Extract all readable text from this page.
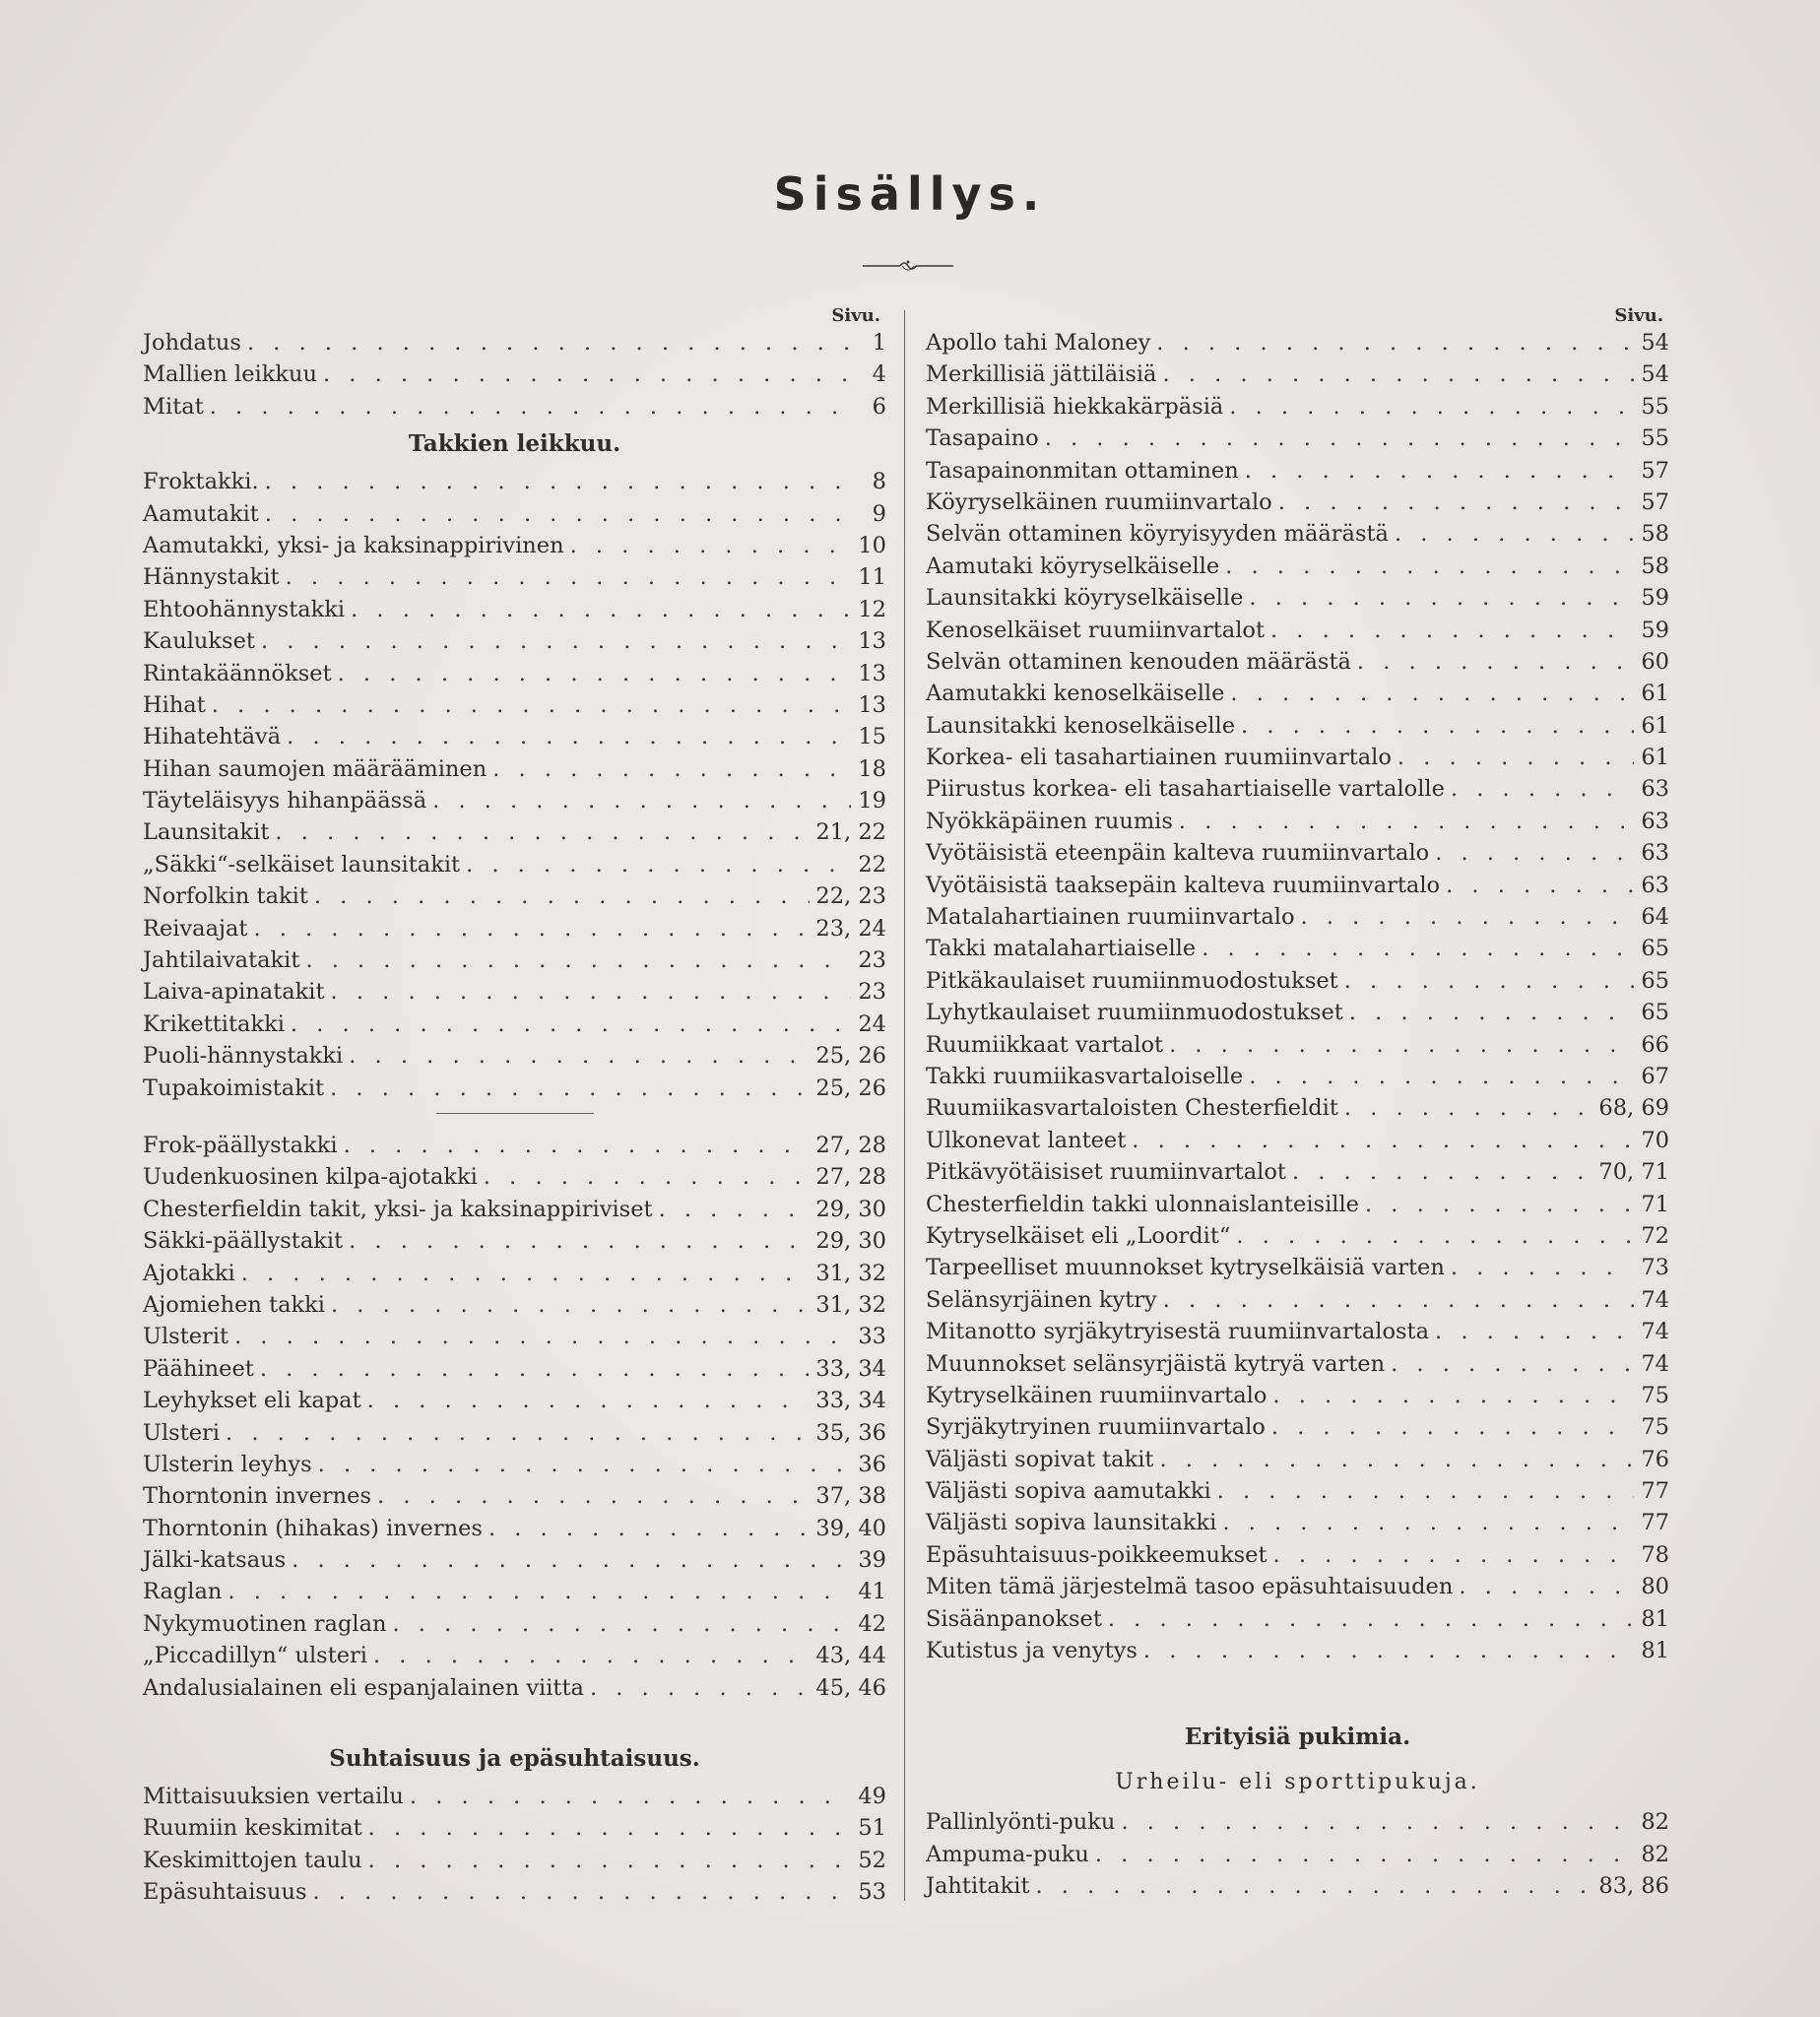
Sisällys.
Sivu.
Johdatus . . .	1
Mallien leikkuu . . .	4
Mitat . . .	6
Takkien leikkuu.
Froktakki. . . .	8
Aamutakit . . .	9
Aamutakki, yksi- ja kaksinappirivinen . . .	10
Hännystakit . . .	11
Ehtoohännystakki . . .	12
Kaulukset . . .	13
Rintakäännökset . . .	13
Hihat . . .	13
Hihatehtävä . . .	15
Hihan saumojen määrääminen . . .	18
Täyteläisyys hihanpäässä . . .	19
Launsitakit . . .	21, 22
„Säkki“-selkäiset launsitakit . . .	22
Norfolkin takit . . .	22, 23
Reivaajat . . .	23, 24
Jahtilaivatakit . . .	23
Laiva-apinatakit . . .	23
Krikettitakki . . .	24
Puoli-hännystakki . . .	25, 26
Tupakoimistakit . . .	25, 26
Frok-päällystakki . . .	27, 28
Uudenkuosinen kilpa-ajotakki . . .	27, 28
Chesterfieldin takit, yksi- ja kaksinappiriviset . . .	29, 30
Säkki-päällystakit . . .	29, 30
Ajotakki . . .	31, 32
Ajomiehen takki . . .	31, 32
Ulsterit . . .	33
Päähineet . . .	33, 34
Leyhykset eli kapat . . .	33, 34
Ulsteri . . .	35, 36
Ulsterin leyhys . . .	36
Thorntonin invernes . . .	37, 38
Thorntonin (hihakas) invernes . . .	39, 40
Jälki-katsaus . . .	39
Raglan . . .	41
Nykymuotinen raglan . . .	42
„Piccadillyn“ ulsteri . . .	43, 44
Andalusialainen eli espanjalainen viitta . . .	45, 46
Suhtaisuus ja epäsuhtaisuus.
Mittaisuuksien vertailu . . .	49
Ruumiin keskimitat . . .	51
Keskimittojen taulu . . .	52
Epäsuhtaisuus . . .	53
Sivu.
Apollo tahi Maloney . . .	54
Merkillisiä jättiläisiä . . .	54
Merkillisiä hiekkakärpäsiä . . .	55
Tasapaino . . .	55
Tasapainonmitan ottaminen . . .	57
Köyryselkäinen ruumiinvartalo . . .	57
Selvän ottaminen köyryisyyden määrästä . . .	58
Aamutaki köyryselkäiselle . . .	58
Launsitakki köyryselkäiselle . . .	59
Kenoselkäiset ruumiinvartalot . . .	59
Selvän ottaminen kenouden määrästä . . .	60
Aamutakki kenoselkäiselle . . .	61
Launsitakki kenoselkäiselle . . .	61
Korkea- eli tasahartiainen ruumiinvartalo . . .	61
Piirustus korkea- eli tasahartiaiselle vartalolle . . .	63
Nyökkäpäinen ruumis . . .	63
Vyötäisistä eteenpäin kalteva ruumiinvartalo . . .	63
Vyötäisistä taaksepäin kalteva ruumiinvartalo . . .	63
Matalahartiainen ruumiinvartalo . . .	64
Takki matalahartiaiselle . . .	65
Pitkäkaulaiset ruumiinmuodostukset . . .	65
Lyhytkaulaiset ruumiinmuodostukset . . .	65
Ruumiikkaat vartalot . . .	66
Takki ruumiikasvartaloiselle . . .	67
Ruumiikasvartaloisten Chesterfieldit . . .	68, 69
Ulkonevat lanteet . . .	70
Pitkävyötäisiset ruumiinvartalot . . .	70, 71
Chesterfieldin takki ulonnaislanteisille . . .	71
Kytryselkäiset eli „Loordit“ . . .	72
Tarpeelliset muunnokset kytryselkäisiä varten . . .	73
Selänsyrjäinen kytry . . .	74
Mitanotto syrjäkytryisestä ruumiinvartalosta . . .	74
Muunnokset selänsyrjäistä kytryä varten . . .	74
Kytryselkäinen ruumiinvartalo . . .	75
Syrjäkytryinen ruumiinvartalo . . .	75
Väljästi sopivat takit . . .	76
Väljästi sopiva aamutakki . . .	77
Väljästi sopiva launsitakki . . .	77
Epäsuhtaisuus-poikkeemukset . . .	78
Miten tämä järjestelmä tasoo epäsuhtaisuuden . . .	80
Sisäänpanokset . . .	81
Kutistus ja venytys . . .	81
Erityisiä pukimia.
Urheilu- eli sporttipukuja.
Pallinlyönti-puku . . .	82
Ampuma-puku . . .	82
Jahtitakit . . .	83, 86
